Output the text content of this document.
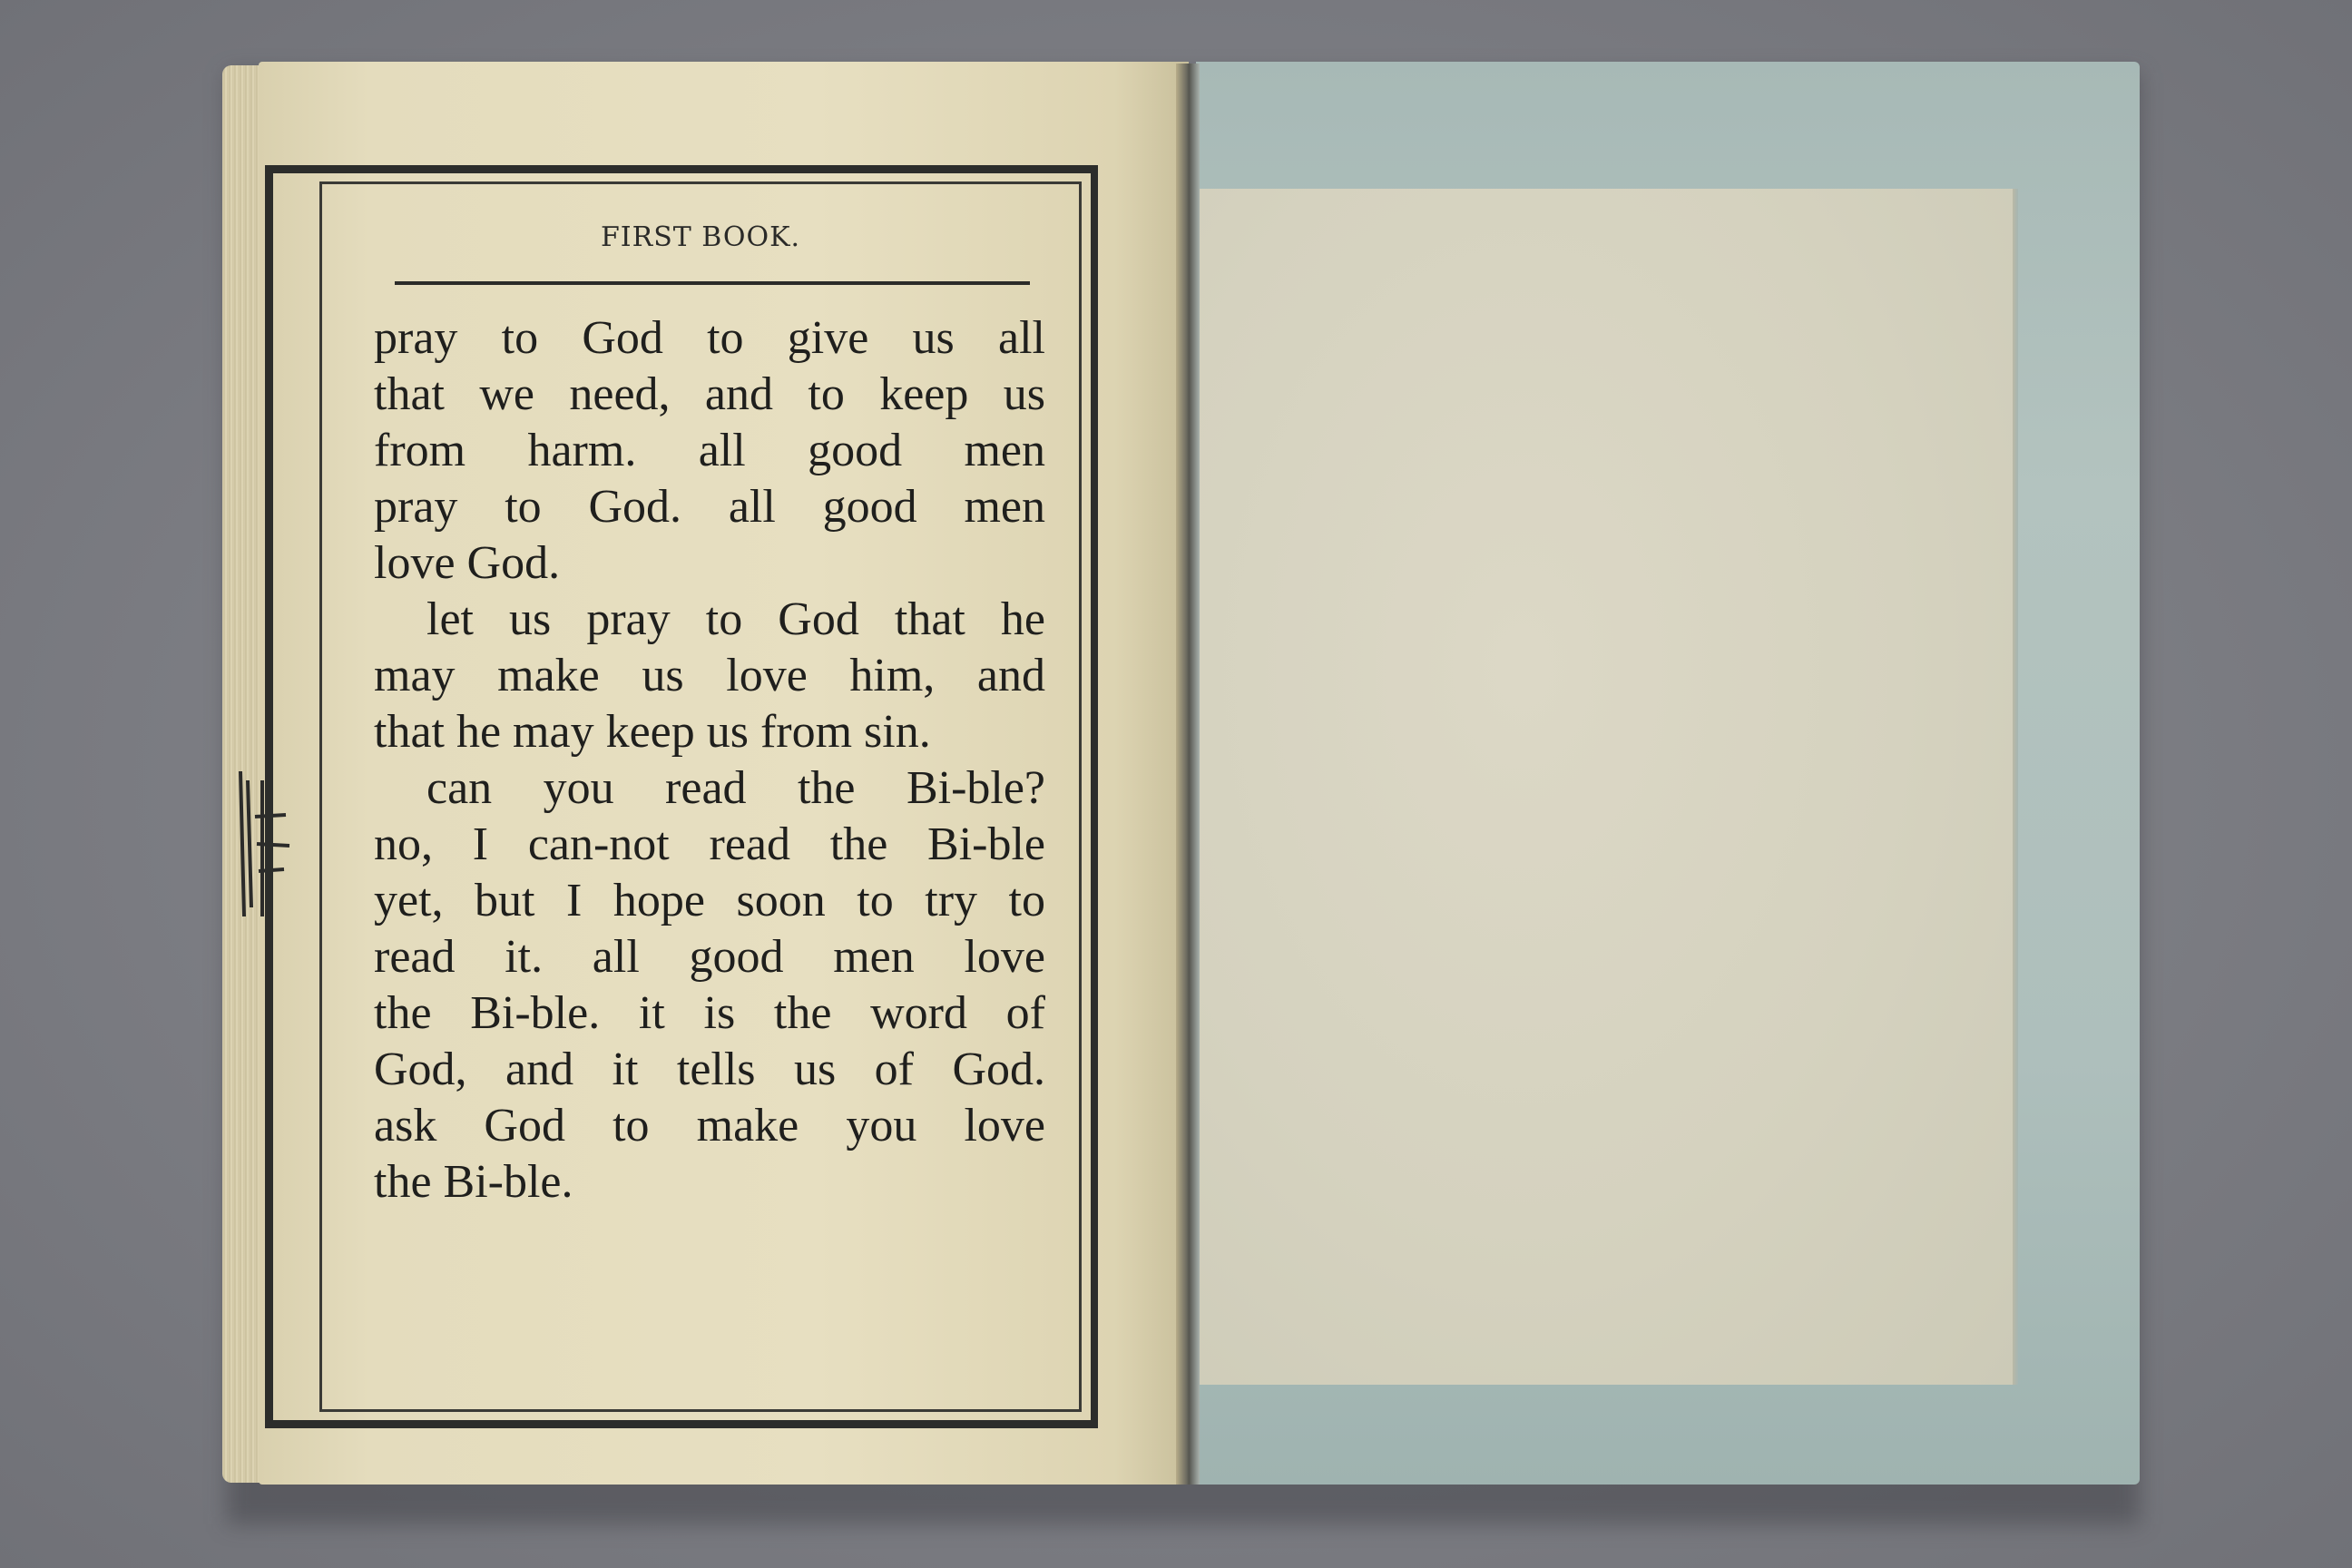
FIRST BOOK.
pray to God to give us all
that we need, and to keep us
from harm. all good men
pray to God. all good men
love God.
let us pray to God that he
may make us love him, and
that he may keep us from sin.
can you read the Bi-ble?
no, I can-not read the Bi-ble
yet, but I hope soon to try to
read it. all good men love
the Bi-ble. it is the word of
God, and it tells us of God.
ask God to make you love
the Bi-ble.
